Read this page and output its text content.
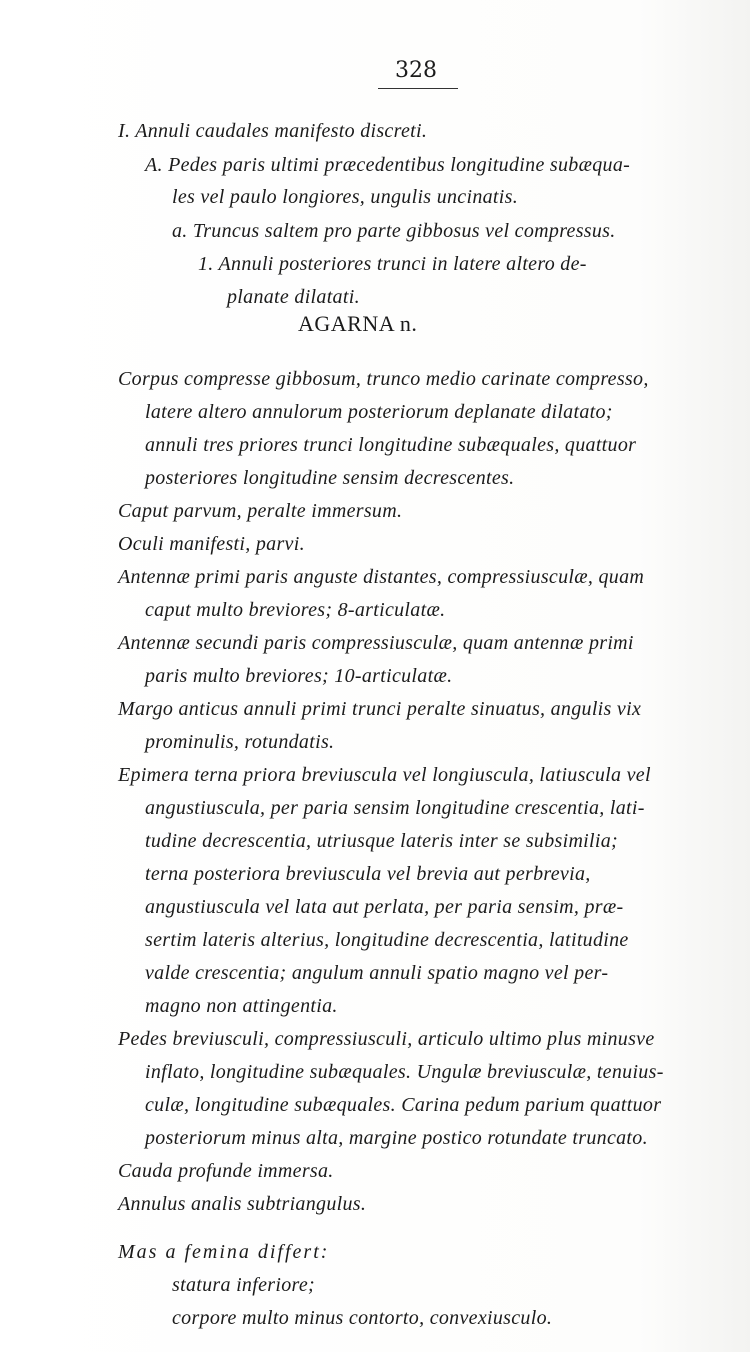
328
I. Annuli caudales manifesto discreti.
A. Pedes paris ultimi præcedentibus longitudine subæqua-
les vel paulo longiores, ungulis uncinatis.
a. Truncus saltem pro parte gibbosus vel compressus.
1. Annuli posteriores trunci in latere altero de-
planate dilatati.
AGARNA n.
Corpus compresse gibbosum, trunco medio carinate compresso,
latere altero annulorum posteriorum deplanate dilatato;
annuli tres priores trunci longitudine subæquales, quattuor
posteriores longitudine sensim decrescentes.
Caput parvum, peralte immersum.
Oculi manifesti, parvi.
Antennæ primi paris anguste distantes, compressiusculæ, quam
caput multo breviores; 8-articulatæ.
Antennæ secundi paris compressiusculæ, quam antennæ primi
paris multo breviores; 10-articulatæ.
Margo anticus annuli primi trunci peralte sinuatus, angulis vix
prominulis, rotundatis.
Epimera terna priora breviuscula vel longiuscula, latiuscula vel
angustiuscula, per paria sensim longitudine crescentia, lati-
tudine decrescentia, utriusque lateris inter se subsimilia;
terna posteriora breviuscula vel brevia aut perbrevia,
angustiuscula vel lata aut perlata, per paria sensim, præ-
sertim lateris alterius, longitudine decrescentia, latitudine
valde crescentia; angulum annuli spatio magno vel per-
magno non attingentia.
Pedes breviusculi, compressiusculi, articulo ultimo plus minusve
inflato, longitudine subæquales. Ungulæ breviusculæ, tenuius-
culæ, longitudine subæquales. Carina pedum parium quattuor
posteriorum minus alta, margine postico rotundate truncato.
Cauda profunde immersa.
Annulus analis subtriangulus.
Mas a femina differt:
statura inferiore;
corpore multo minus contorto, convexiusculo.
